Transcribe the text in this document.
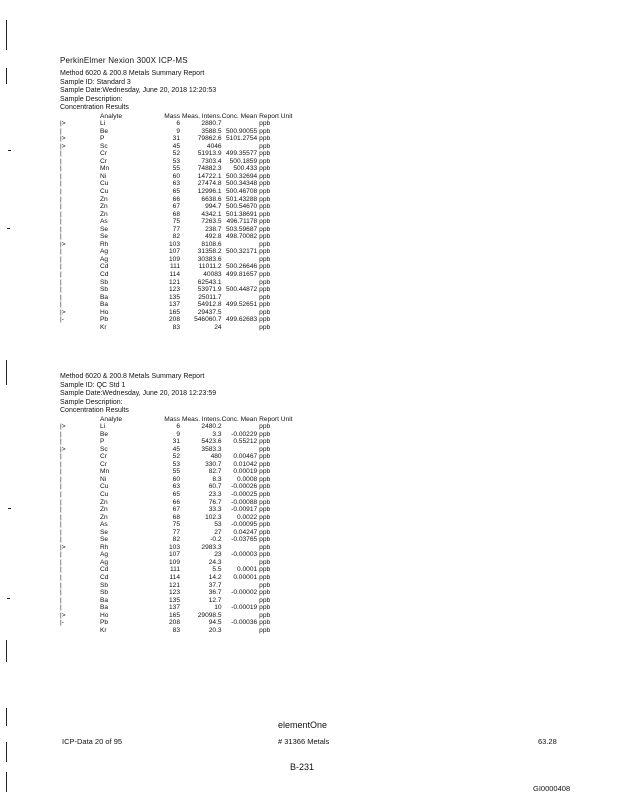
PerkinElmer Nexion 300X ICP-MS
Method 6020 & 200.8 Metals Summary Report
Sample ID: Standard 3
Sample Date:Wednesday, June 20, 2018 12:20:53
Sample Description:
Concentration Results
	Analyte	Mass	Meas. Intens.	Conc. Mean	Report Unit
|>	Li	6	2880.7		ppb
|	Be	9	3588.5	500.90055	ppb
|>	P	31	79862.6	5101.2754	ppb
|>	Sc	45	4046		ppb
|	Cr	52	51913.9	499.35577	ppb
|	Cr	53	7303.4	500.1859	ppb
|	Mn	55	74882.3	500.433	ppb
|	Ni	60	14722.1	500.32694	ppb
|	Cu	63	27474.8	500.34348	ppb
|	Cu	65	12996.1	500.46708	ppb
|	Zn	66	6638.6	501.43288	ppb
|	Zn	67	994.7	500.54670	ppb
|	Zn	68	4342.1	501.38691	ppb
|	As	75	7263.5	496.71178	ppb
|	Se	77	238.7	503.59687	ppb
|	Se	82	492.8	498.70082	ppb
|>	Rh	103	8108.6		ppb
|	Ag	107	31358.2	500.32171	ppb
|	Ag	109	30383.6		ppb
|	Cd	111	11011.2	500.26646	ppb
|	Cd	114	40083	499.81657	ppb
|	Sb	121	62543.1		ppb
|	Sb	123	53971.9	500.44872	ppb
|	Ba	135	25011.7		ppb
|	Ba	137	54912.8	499.52651	ppb
|>	Ho	165	29437.5		ppb
|-	Pb	208	546060.7	499.62683	ppb
	Kr	83	24		ppb
Method 6020 & 200.8 Metals Summary Report
Sample ID: QC Std 1
Sample Date:Wednesday, June 20, 2018 12:23:59
Sample Description:
Concentration Results
	Analyte	Mass	Meas. Intens.	Conc. Mean	Report Unit
|>	Li	6	2480.2		ppb
|	Be	9	3.3	-0.00229	ppb
|	P	31	5423.6	0.55212	ppb
|>	Sc	45	3583.3		ppb
|	Cr	52	480	0.00467	ppb
|	Cr	53	330.7	0.01042	ppb
|	Mn	55	82.7	0.00019	ppb
|	Ni	60	8.3	0.0008	ppb
|	Cu	63	60.7	-0.00026	ppb
|	Cu	65	23.3	-0.00025	ppb
|	Zn	66	76.7	-0.00088	ppb
|	Zn	67	33.3	-0.00917	ppb
|	Zn	68	102.3	0.0022	ppb
|	As	75	53	-0.00095	ppb
|	Se	77	27	0.04247	ppb
|	Se	82	-0.2	-0.03765	ppb
|>	Rh	103	2983.3		ppb
|	Ag	107	23	-0.00003	ppb
|	Ag	109	24.3		ppb
|	Cd	111	5.5	0.0001	ppb
|	Cd	114	14.2	0.00001	ppb
|	Sb	121	37.7		ppb
|	Sb	123	36.7	-0.00002	ppb
|	Ba	135	12.7		ppb
|	Ba	137	10	-0.00019	ppb
|>	Ho	165	29098.5		ppb
|-	Pb	208	94.5	-0.00036	ppb
	Kr	83	20.3		ppb
elementOne
ICP-Data 20 of 95	# 31366 Metals	63.28
B-231
GI0000408
